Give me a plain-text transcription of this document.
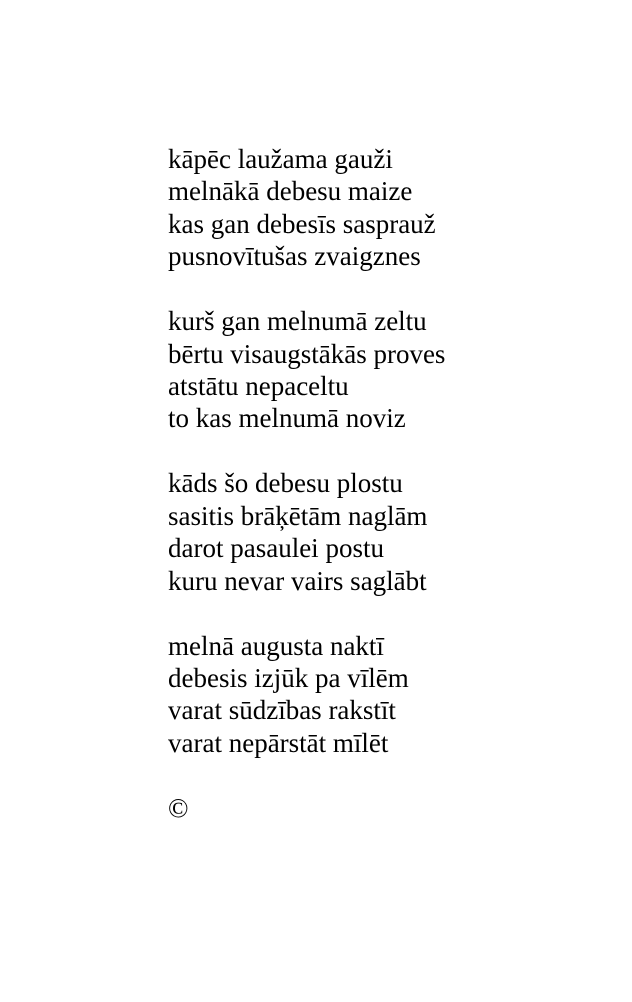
kāpēc laužama gauži
melnākā debesu maize
kas gan debesīs sasprauž
pusnovītušas zvaigznes
kurš gan melnumā zeltu
bērtu visaugstākās proves
atstātu nepaceltu
to kas melnumā noviz
kāds šo debesu plostu
sasitis brāķētām naglām
darot pasaulei postu
kuru nevar vairs saglābt
melnā augusta naktī
debesis izjūk pa vīlēm
varat sūdzības rakstīt
varat nepārstāt mīlēt
©
